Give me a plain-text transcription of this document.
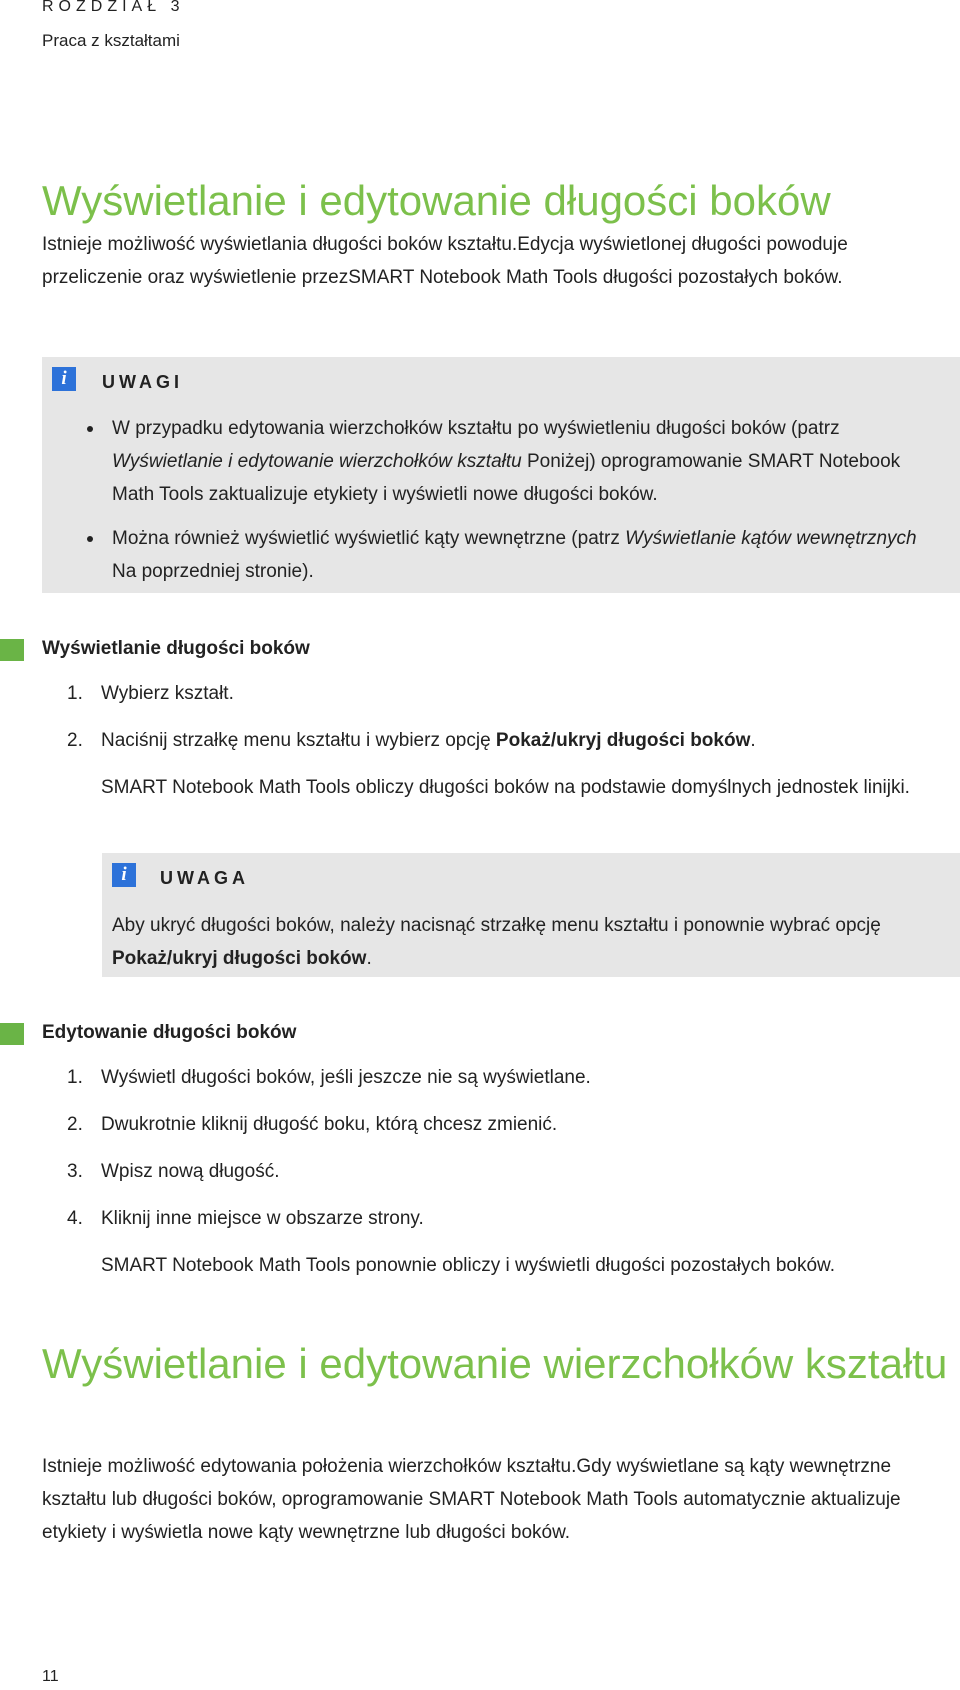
ROZDZIAŁ 3
Praca z kształtami
Wyświetlanie i edytowanie długości boków

Istnieje możliwość wyświetlania długości boków kształtu.Edycja wyświetlonej długości powoduje przeliczenie oraz wyświetlenie przezSMART Notebook Math Tools długości pozostałych boków.

i	UWAGI
W przypadku edytowania wierzchołków kształtu po wyświetleniu długości boków (patrz Wyświetlanie i edytowanie wierzchołków kształtu Poniżej) oprogramowanie SMART Notebook Math Tools zaktualizuje etykiety i wyświetli nowe długości boków.
Można również wyświetlić wyświetlić kąty wewnętrzne (patrz Wyświetlanie kątów wewnętrznych Na poprzedniej stronie).
Wyświetlanie długości boków
1. Wybierz kształt.
2. Naciśnij strzałkę menu kształtu i wybierz opcję Pokaż/ukryj długości boków.

SMART Notebook Math Tools obliczy długości boków na podstawie domyślnych jednostek linijki.

i	UWAGA

Aby ukryć długości boków, należy nacisnąć strzałkę menu kształtu i ponownie wybrać opcję Pokaż/ukryj długości boków.

Edytowanie długości boków
1. Wyświetl długości boków, jeśli jeszcze nie są wyświetlane.
2. Dwukrotnie kliknij długość boku, którą chcesz zmienić.
3. Wpisz nową długość.
4. Kliknij inne miejsce w obszarze strony.

SMART Notebook Math Tools ponownie obliczy i wyświetli długości pozostałych boków.

Wyświetlanie i edytowanie wierzchołków kształtu

Istnieje możliwość edytowania położenia wierzchołków kształtu.Gdy wyświetlane są kąty wewnętrzne kształtu lub długości boków, oprogramowanie SMART Notebook Math Tools automatycznie aktualizuje etykiety i wyświetla nowe kąty wewnętrzne lub długości boków.

11
